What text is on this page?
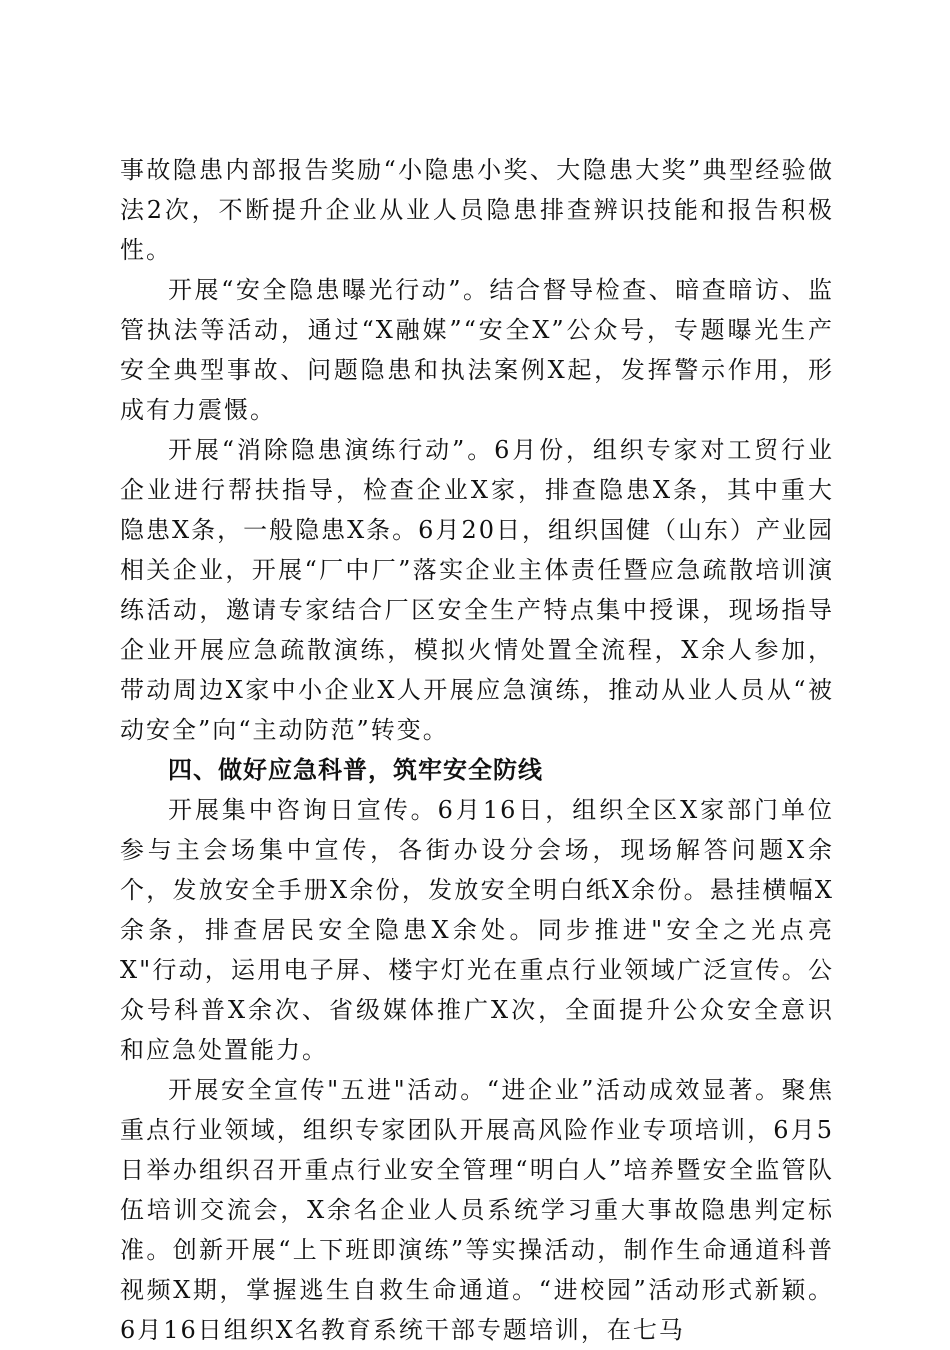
事故隐患内部报告奖励“小隐患小奖、大隐患大奖”典型经验做法2次，不断提升企业从业人员隐患排查辨识技能和报告积极性。

开展“安全隐患曝光行动”。结合督导检查、暗查暗访、监管执法等活动，通过“X融媒”“安全X”公众号，专题曝光生产安全典型事故、问题隐患和执法案例X起，发挥警示作用，形成有力震慑。

开展“消除隐患演练行动”。6月份，组织专家对工贸行业企业进行帮扶指导，检查企业X家，排查隐患X条，其中重大隐患X条，一般隐患X条。6月20日，组织国健（山东）产业园相关企业，开展“厂中厂”落实企业主体责任暨应急疏散培训演练活动，邀请专家结合厂区安全生产特点集中授课，现场指导企业开展应急疏散演练，模拟火情处置全流程，X余人参加，带动周边X家中小企业X人开展应急演练，推动从业人员从“被动安全”向“主动防范”转变。

四、做好应急科普，筑牢安全防线

开展集中咨询日宣传。6月16日，组织全区X家部门单位参与主会场集中宣传，各街办设分会场，现场解答问题X余个，发放安全手册X余份，发放安全明白纸X余份。悬挂横幅X余条，排查居民安全隐患X余处。同步推进"安全之光点亮X"行动，运用电子屏、楼宇灯光在重点行业领域广泛宣传。公众号科普X余次、省级媒体推广X次，全面提升公众安全意识和应急处置能力。

开展安全宣传"五进"活动。“进企业”活动成效显著。聚焦重点行业领域，组织专家团队开展高风险作业专项培训，6月5日举办组织召开重点行业安全管理“明白人”培养暨安全监管队伍培训交流会，X余名企业人员系统学习重大事故隐患判定标准。创新开展“上下班即演练”等实操活动，制作生命通道科普视频X期，掌握逃生自救生命通道。“进校园”活动形式新颖。6月16日组织X名教育系统干部专题培训，在七马
